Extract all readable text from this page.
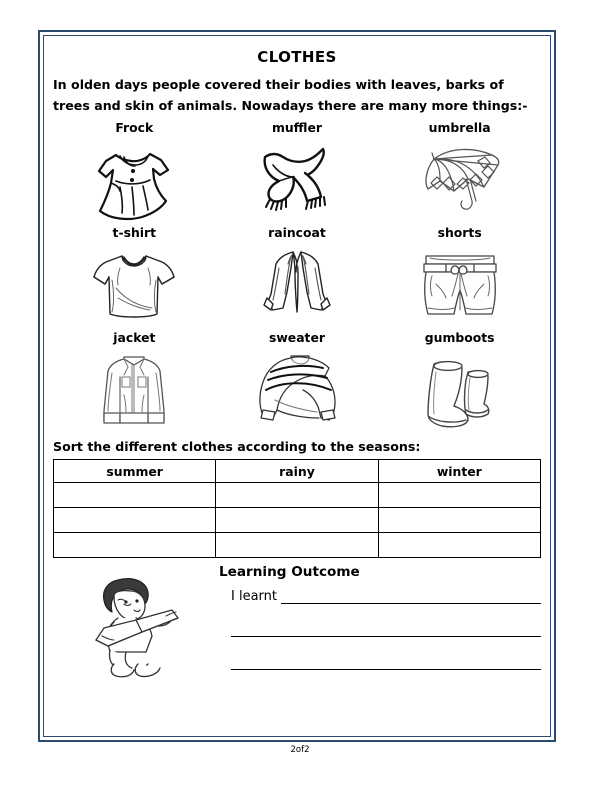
CLOTHES

In olden days people covered their bodies with leaves, barks of trees and skin of animals. Nowadays there are many more things:-

Frock	muffler	umbrella
t-shirt	raincoat	shorts
jacket	sweater	gumboots
Sort the different clothes according to the seasons:
summer	rainy	winter

Learning Outcome
I learnt
2of2
